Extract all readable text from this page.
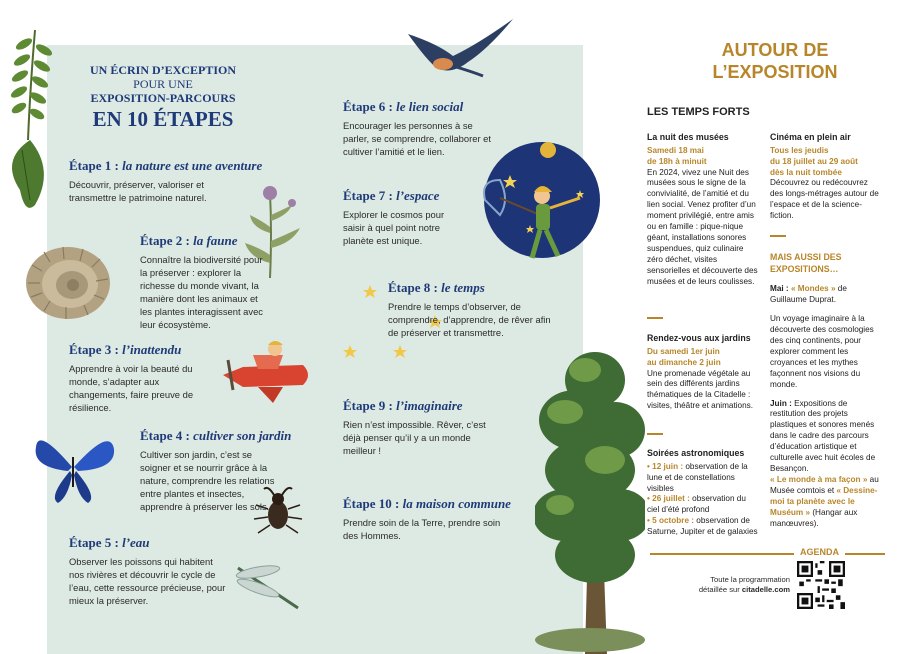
UN ÉCRIN D’EXCEPTION
POUR UNE
EXPOSITION-PARCOURS
EN 10 ÉTAPES
Étape 1 : la nature est une aventure
Découvrir, préserver, valoriser et transmettre le patrimoine naturel.
Étape 2 : la faune
Connaître la biodiversité pour la préserver : explorer la richesse du monde vivant, la manière dont les animaux et les plantes interagissent avec leur écosystème.
Étape 3 : l’inattendu
Apprendre à voir la beauté du monde, s’adapter aux changements, faire preuve de résilience.
Étape 4 : cultiver son jardin
Cultiver son jardin, c’est se soigner et se nourrir grâce à la nature, comprendre les relations entre plantes et insectes, apprendre à préserver les sols.
Étape 5 : l’eau
Observer les poissons qui habitent nos rivières et découvrir le cycle de l’eau, cette ressource précieuse, pour mieux la préserver.
Étape 6 : le lien social
Encourager les personnes à se parler, se comprendre, collaborer et cultiver l’amitié et le lien.
Étape 7 : l’espace
Explorer le cosmos pour saisir à quel point notre planète est unique.
Étape 8 : le temps
Prendre le temps d’observer, de comprendre, d’apprendre, de rêver afin de préserver et transmettre.
Étape 9 : l’imaginaire
Rien n’est impossible. Rêver, c’est déjà penser qu’il y a un monde meilleur !
Étape 10 : la maison commune
Prendre soin de la Terre, prendre soin des Hommes.
AUTOUR DE
L’EXPOSITION
LES TEMPS FORTS
La nuit des musées
Samedi 18 mai
de 18h à minuit
En 2024, vivez une Nuit des musées sous le signe de la convivialité, de l’amitié et du lien social. Venez profiter d’un moment privilégié, entre amis ou en famille : pique-nique géant, installations sonores suspendues, quiz culinaire zéro déchet, visites sensorielles et découverte des musées et de leurs coulisses.
Cinéma en plein air
Tous les jeudis
du 18 juillet au 29 août
dès la nuit tombée
Découvrez ou redécouvrez des longs-métrages autour de l’espace et de la science-fiction.
Rendez-vous aux jardins
Du samedi 1er juin
au dimanche 2 juin
Une promenade végétale au sein des différents jardins thématiques de la Citadelle : visites, théâtre et animations.
Soirées astronomiques
• 12 juin : observation de la lune et de constellations visibles
• 26 juillet : observation du ciel d’été profond
• 5 octobre : observation de Saturne, Jupiter et de galaxies
MAIS AUSSI DES
EXPOSITIONS…
Mai : « Mondes » de Guillaume Duprat.
Un voyage imaginaire à la découverte des cosmologies des cinq continents, pour explorer comment les croyances et les mythes façonnent nos visions du monde.
Juin : Expositions de restitution des projets plastiques et sonores menés dans le cadre des parcours d’éducation artistique et culturelle avec huit écoles de Besançon.
« Le monde à ma façon » au Musée comtois et « Dessine-moi ta planète avec le Muséum » (Hangar aux manœuvres).
AGENDA
Toute la programmation
détaillée sur citadelle.com
